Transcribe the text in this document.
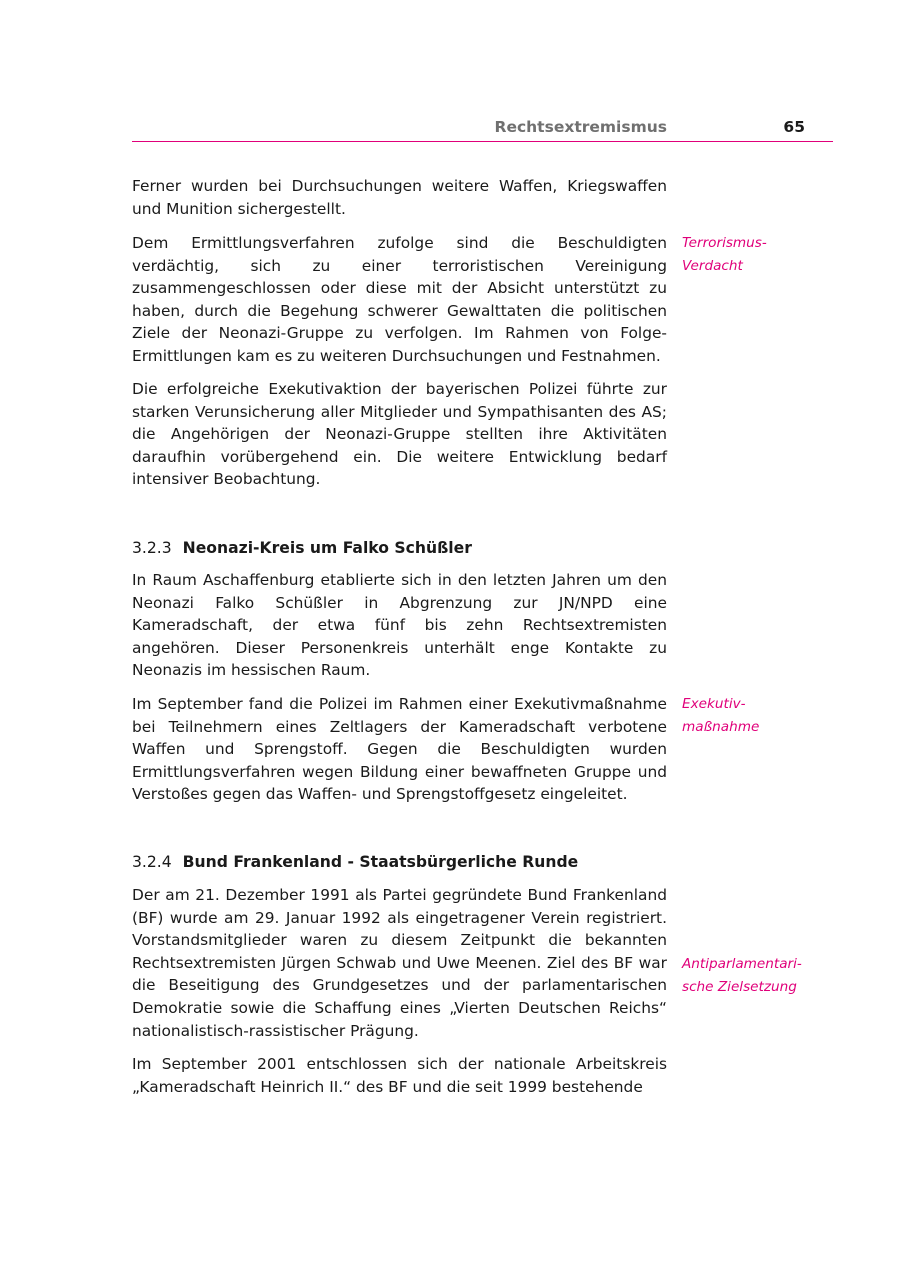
Rechtsextremismus	65

Ferner wurden bei Durchsuchungen weitere Waffen, Kriegswaffen und Munition sichergestellt.

Dem Ermittlungsverfahren zufolge sind die Beschuldigten verdächtig, sich zu einer terroristischen Vereinigung zusammengeschlossen oder diese mit der Absicht unterstützt zu haben, durch die Begehung schwerer Gewalttaten die politischen Ziele der Neonazi-Gruppe zu verfolgen. Im Rahmen von Folge-Ermittlungen kam es zu weiteren Durchsuchungen und Festnahmen.

Terrorismus-
Verdacht

Die erfolgreiche Exekutivaktion der bayerischen Polizei führte zur starken Verunsicherung aller Mitglieder und Sympathisanten des AS; die Angehörigen der Neonazi-Gruppe stellten ihre Aktivitäten daraufhin vorübergehend ein. Die weitere Entwicklung bedarf intensiver Beobachtung.

3.2.3 Neonazi-Kreis um Falko Schüßler

In Raum Aschaffenburg etablierte sich in den letzten Jahren um den Neonazi Falko Schüßler in Abgrenzung zur JN/NPD eine Kameradschaft, der etwa fünf bis zehn Rechtsextremisten angehören. Dieser Personenkreis unterhält enge Kontakte zu Neonazis im hessischen Raum.

Im September fand die Polizei im Rahmen einer Exekutivmaßnahme bei Teilnehmern eines Zeltlagers der Kameradschaft verbotene Waffen und Sprengstoff. Gegen die Beschuldigten wurden Ermittlungsverfahren wegen Bildung einer bewaffneten Gruppe und Verstoßes gegen das Waffen- und Sprengstoffgesetz eingeleitet.

Exekutiv-
maßnahme
3.2.4 Bund Frankenland - Staatsbürgerliche Runde

Der am 21. Dezember 1991 als Partei gegründete Bund Frankenland (BF) wurde am 29. Januar 1992 als eingetragener Verein registriert. Vorstandsmitglieder waren zu diesem Zeitpunkt die bekannten Rechtsextremisten Jürgen Schwab und Uwe Meenen. Ziel des BF war die Beseitigung des Grundgesetzes und der parlamentarischen Demokratie sowie die Schaffung eines „Vierten Deutschen Reichs“ nationalistisch-rassistischer Prägung.

Antiparlamentari-
sche Zielsetzung

Im September 2001 entschlossen sich der nationale Arbeitskreis „Kameradschaft Heinrich II.“ des BF und die seit 1999 bestehende
